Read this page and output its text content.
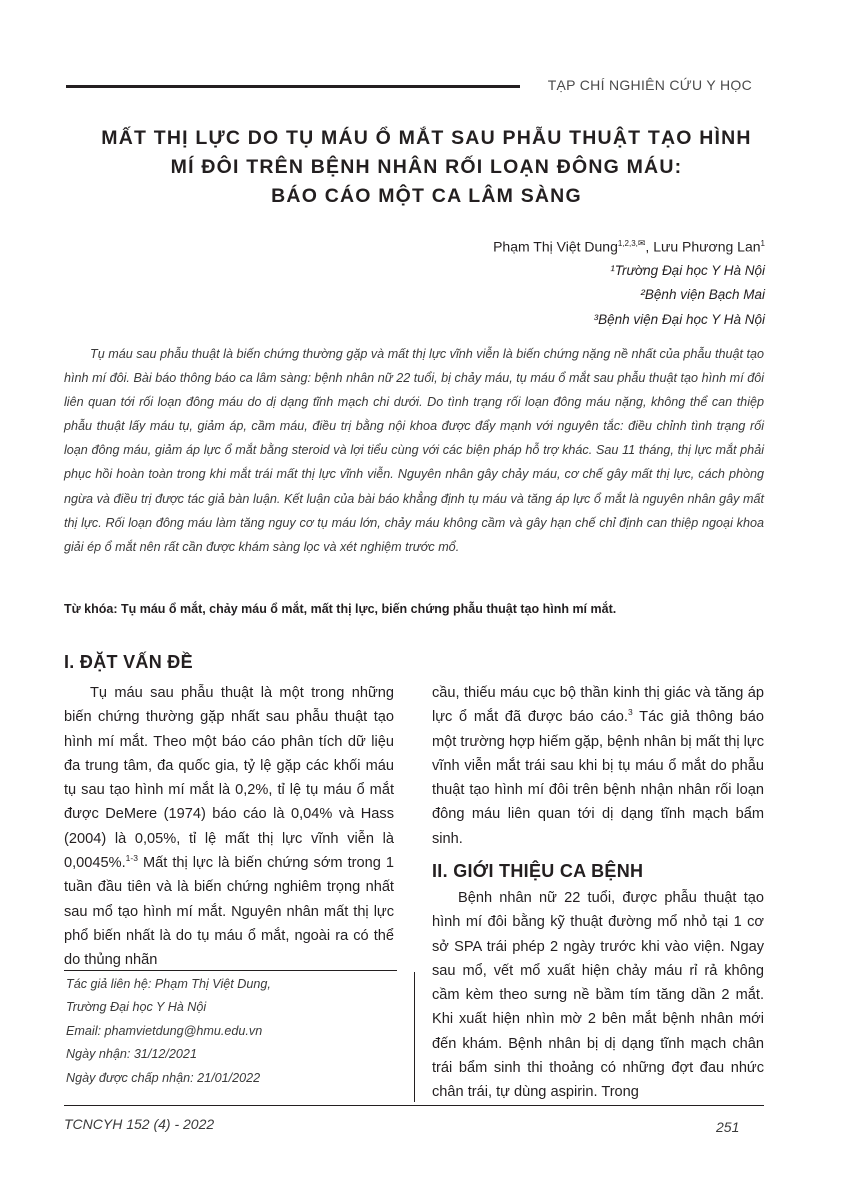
TẠP CHÍ NGHIÊN CỨU Y HỌC
MẤT THỊ LỰC DO TỤ MÁU Ổ MẮT SAU PHẪU THUẬT TẠO HÌNH
MÍ ĐÔI TRÊN BỆNH NHÂN RỐI LOẠN ĐÔNG MÁU:
BÁO CÁO MỘT CA LÂM SÀNG
Phạm Thị Việt Dung$^{1,2,3,✉}$, Lưu Phương Lan$^1$
¹Trường Đại học Y Hà Nội
²Bệnh viện Bạch Mai
³Bệnh viện Đại học Y Hà Nội
Tụ máu sau phẫu thuật là biến chứng thường gặp và mất thị lực vĩnh viễn là biến chứng nặng nề nhất của phẫu thuật tạo hình mí đôi. Bài báo thông báo ca lâm sàng: bệnh nhân nữ 22 tuổi, bị chảy máu, tụ máu ổ mắt sau phẫu thuật tạo hình mí đôi liên quan tới rối loạn đông máu do dị dạng tĩnh mạch chi dưới. Do tình trạng rối loạn đông máu nặng, không thể can thiệp phẫu thuật lấy máu tụ, giảm áp, cầm máu, điều trị bằng nội khoa được đẩy mạnh với nguyên tắc: điều chỉnh tình trạng rối loạn đông máu, giảm áp lực ổ mắt bằng steroid và lợi tiểu cùng với các biện pháp hỗ trợ khác. Sau 11 tháng, thị lực mắt phải phục hồi hoàn toàn trong khi mắt trái mất thị lực vĩnh viễn. Nguyên nhân gây chảy máu, cơ chế gây mất thị lực, cách phòng ngừa và điều trị được tác giả bàn luận. Kết luận của bài báo khẳng định tụ máu và tăng áp lực ổ mắt là nguyên nhân gây mất thị lực. Rối loạn đông máu làm tăng nguy cơ tụ máu lớn, chảy máu không cầm và gây hạn chế chỉ định can thiệp ngoại khoa giải ép ổ mắt nên rất cần được khám sàng lọc và xét nghiệm trước mổ.
Từ khóa: Tụ máu ổ mắt, chảy máu ổ mắt, mất thị lực, biến chứng phẫu thuật tạo hình mí mắt.
I. ĐẶT VẤN ĐỀ
Tụ máu sau phẫu thuật là một trong những biến chứng thường gặp nhất sau phẫu thuật tạo hình mí mắt. Theo một báo cáo phân tích dữ liệu đa trung tâm, đa quốc gia, tỷ lệ gặp các khối máu tụ sau tạo hình mí mắt là 0,2%, tỉ lệ tụ máu ổ mắt được DeMere (1974) báo cáo là 0,04% và Hass (2004) là 0,05%, tỉ lệ mất thị lực vĩnh viễn là 0,0045%.$^{1-3}$ Mất thị lực là biến chứng sớm trong 1 tuần đầu tiên và là biến chứng nghiêm trọng nhất sau mổ tạo hình mí mắt. Nguyên nhân mất thị lực phổ biến nhất là do tụ máu ổ mắt, ngoài ra có thể do thủng nhãn
cầu, thiếu máu cục bộ thần kinh thị giác và tăng áp lực ổ mắt đã được báo cáo.$^3$ Tác giả thông báo một trường hợp hiếm gặp, bệnh nhân bị mất thị lực vĩnh viễn mắt trái sau khi bị tụ máu ổ mắt do phẫu thuật tạo hình mí đôi trên bệnh nhận nhân rối loạn đông máu liên quan tới dị dạng tĩnh mạch bẩm sinh.
II. GIỚI THIỆU CA BỆNH
Bệnh nhân nữ 22 tuổi, được phẫu thuật tạo hình mí đôi bằng kỹ thuật đường mổ nhỏ tại 1 cơ sở SPA trái phép 2 ngày trước khi vào viện. Ngay sau mổ, vết mổ xuất hiện chảy máu rỉ rả không cầm kèm theo sưng nề bầm tím tăng dần 2 mắt. Khi xuất hiện nhìn mờ 2 bên mắt bệnh nhân mới đến khám. Bệnh nhân bị dị dạng tĩnh mạch chân trái bẩm sinh thi thoảng có những đợt đau nhức chân trái, tự dùng aspirin. Trong
Tác giả liên hệ: Phạm Thị Việt Dung,
Trường Đại học Y Hà Nội
Email: phamvietdung@hmu.edu.vn
Ngày nhận: 31/12/2021
Ngày được chấp nhận: 21/01/2022
TCNCYH 152 (4) - 2022	251
